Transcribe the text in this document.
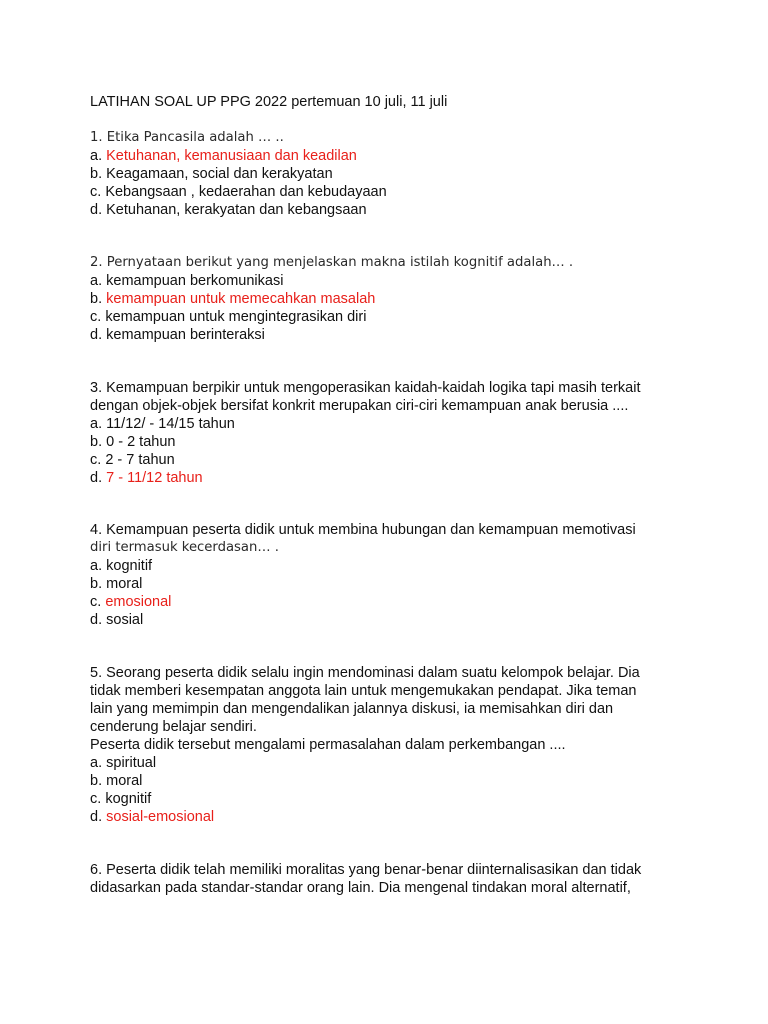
LATIHAN SOAL UP PPG 2022 pertemuan 10 juli, 11 juli
1. Etika Pancasila adalah … ..
a. Ketuhanan, kemanusiaan dan keadilan
b. Keagamaan, social dan kerakyatan
c. Kebangsaan , kedaerahan dan kebudayaan
d. Ketuhanan, kerakyatan dan kebangsaan
2. Pernyataan berikut yang menjelaskan makna istilah kognitif adalah… .
a. kemampuan berkomunikasi
b. kemampuan untuk memecahkan masalah
c. kemampuan untuk mengintegrasikan diri
d. kemampuan berinteraksi
3. Kemampuan berpikir untuk mengoperasikan kaidah-kaidah logika tapi masih terkait
dengan objek-objek bersifat konkrit merupakan ciri-ciri kemampuan anak berusia ....
a. 11/12/ - 14/15 tahun
b. 0 - 2 tahun
c. 2 - 7 tahun
d. 7 - 11/12 tahun
4. Kemampuan peserta didik untuk membina hubungan dan kemampuan memotivasi
diri termasuk kecerdasan… .
a. kognitif
b. moral
c. emosional
d. sosial
5. Seorang peserta didik selalu ingin mendominasi dalam suatu kelompok belajar. Dia
tidak memberi kesempatan anggota lain untuk mengemukakan pendapat. Jika teman
lain yang memimpin dan mengendalikan jalannya diskusi, ia memisahkan diri dan
cenderung belajar sendiri.
Peserta didik tersebut mengalami permasalahan dalam perkembangan ....
a. spiritual
b. moral
c. kognitif
d. sosial-emosional
6. Peserta didik telah memiliki moralitas yang benar-benar diinternalisasikan dan tidak
didasarkan pada standar-standar orang lain. Dia mengenal tindakan moral alternatif,
